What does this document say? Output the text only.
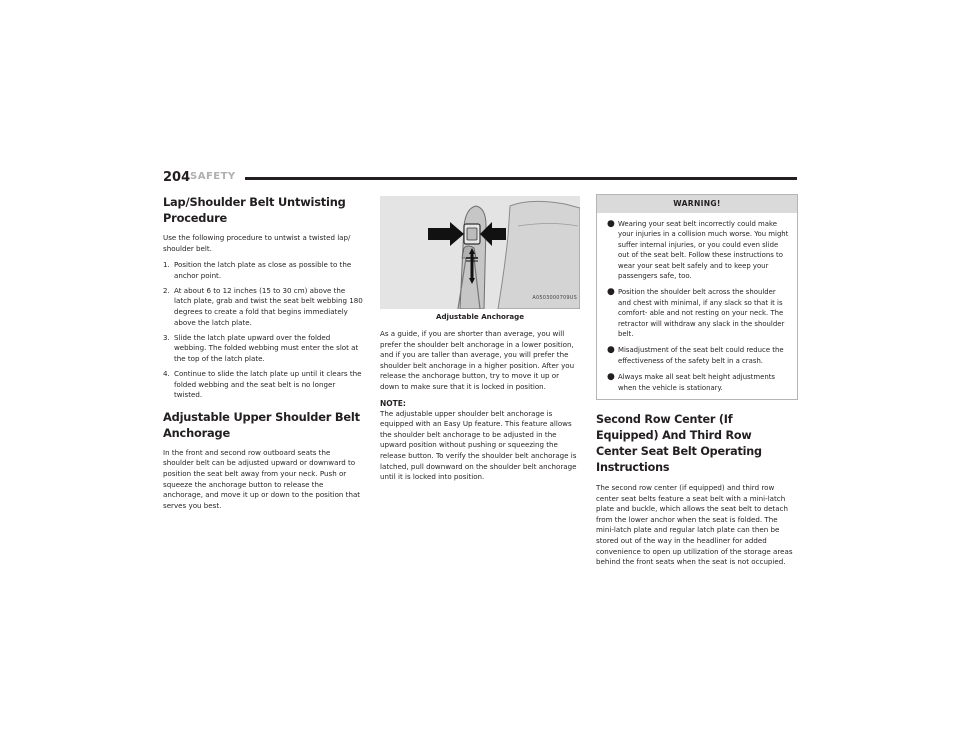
204 SAFETY
Lap/Shoulder Belt Untwisting Procedure

Use the following procedure to untwist a twisted lap/ shoulder belt.

1. Position the latch plate as close as possible to the anchor point.
2. At about 6 to 12 inches (15 to 30 cm) above the latch plate, grab and twist the seat belt webbing 180 degrees to create a fold that begins immediately above the latch plate.
3. Slide the latch plate upward over the folded webbing. The folded webbing must enter the slot at the top of the latch plate.
4. Continue to slide the latch plate up until it clears the folded webbing and the seat belt is no longer twisted.
Adjustable Upper Shoulder Belt Anchorage

In the front and second row outboard seats the shoulder belt can be adjusted upward or downward to position the seat belt away from your neck. Push or squeeze the anchorage button to release the anchorage, and move it up or down to the position that serves you best.

A0503000709US
Adjustable Anchorage

As a guide, if you are shorter than average, you will prefer the shoulder belt anchorage in a lower position, and if you are taller than average, you will prefer the shoulder belt anchorage in a higher position. After you release the anchorage button, try to move it up or down to make sure that it is locked in position.

NOTE:

The adjustable upper shoulder belt anchorage is equipped with an Easy Up feature. This feature allows the shoulder belt anchorage to be adjusted in the upward position without pushing or squeezing the release button. To verify the shoulder belt anchorage is latched, pull downward on the shoulder belt anchorage until it is locked into position.

WARNING!
● Wearing your seat belt incorrectly could make your injuries in a collision much worse. You might suffer internal injuries, or you could even slide out of the seat belt. Follow these instructions to wear your seat belt safely and to keep your passengers safe, too.
● Position the shoulder belt across the shoulder and chest with minimal, if any slack so that it is comfort- able and not resting on your neck. The retractor will withdraw any slack in the shoulder belt.
● Misadjustment of the seat belt could reduce the effectiveness of the safety belt in a crash.
● Always make all seat belt height adjustments when the vehicle is stationary.
Second Row Center (If Equipped) And Third Row Center Seat Belt Operating Instructions

The second row center (if equipped) and third row center seat belts feature a seat belt with a mini-latch plate and buckle, which allows the seat belt to detach from the lower anchor when the seat is folded. The mini-latch plate and regular latch plate can then be stored out of the way in the headliner for added convenience to open up utilization of the storage areas behind the front seats when the seat is not occupied.
